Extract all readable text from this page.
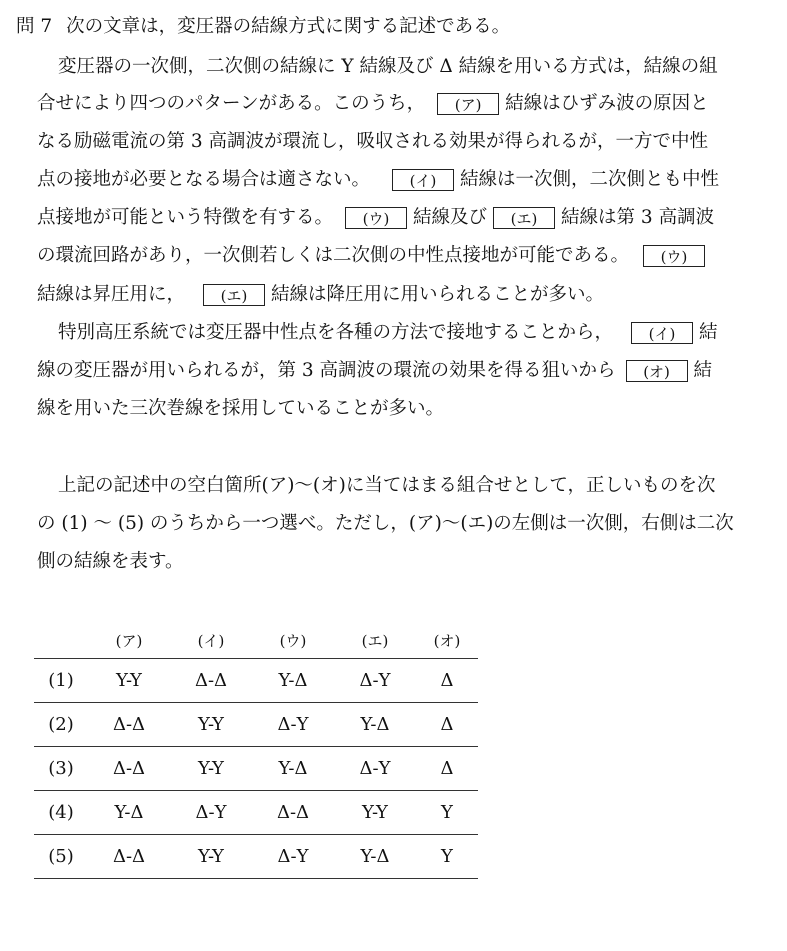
問 7 次の文章は，変圧器の結線方式に関する記述である。
変圧器の一次側，二次側の結線に Y 結線及び Δ 結線を用いる方式は，結線の組
合せにより四つのパターンがある。このうち， (ア) 結線はひずみ波の原因と
なる励磁電流の第 3 高調波が環流し，吸収される効果が得られるが，一方で中性
点の接地が必要となる場合は適さない。	(イ) 結線は一次側，二次側とも中性
点接地が可能という特徴を有する。 (ウ) 結線及び (エ) 結線は第 3 高調波
の環流回路があり，一次側若しくは二次側の中性点接地が可能である。 (ウ)
結線は昇圧用に， (エ) 結線は降圧用に用いられることが多い。
特別高圧系統では変圧器中性点を各種の方法で接地することから， (イ) 結
線の変圧器が用いられるが，第 3 高調波の環流の効果を得る狙いから (オ) 結
線を用いた三次巻線を採用していることが多い。
上記の記述中の空白箇所(ア)～(オ)に当てはまる組合せとして，正しいものを次
の (1) ～ (5) のうちから一つ選べ。ただし，(ア)～(エ)の左側は一次側，右側は二次
側の結線を表す。
	(ア)	(イ)	(ウ)	(エ)	(オ)
(1)	Y-Y	Δ-Δ	Y-Δ	Δ-Y	Δ
(2)	Δ-Δ	Y-Y	Δ-Y	Y-Δ	Δ
(3)	Δ-Δ	Y-Y	Y-Δ	Δ-Y	Δ
(4)	Y-Δ	Δ-Y	Δ-Δ	Y-Y	Y
(5)	Δ-Δ	Y-Y	Δ-Y	Y-Δ	Y
